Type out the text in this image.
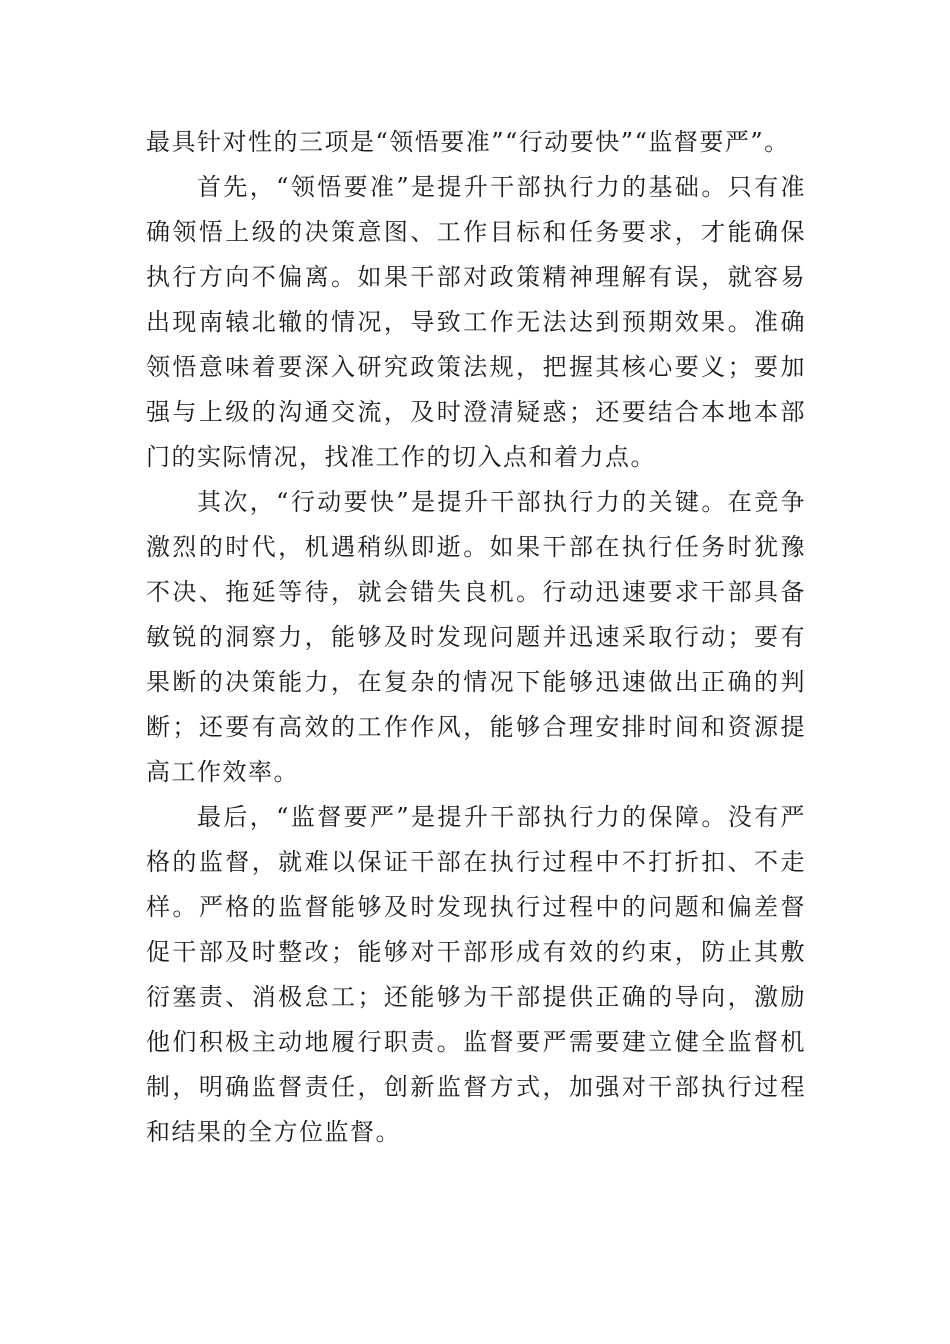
最具针对性的三项是“领悟要准”“行动要快”“监督要严”。

首先，“领悟要准”是提升干部执行力的基础。只有准确领悟上级的决策意图、工作目标和任务要求，才能确保执行方向不偏离。如果干部对政策精神理解有误，就容易出现南辕北辙的情况，导致工作无法达到预期效果。准确领悟意味着要深入研究政策法规，把握其核心要义；要加强与上级的沟通交流，及时澄清疑惑；还要结合本地本部门的实际情况，找准工作的切入点和着力点。

其次，“行动要快”是提升干部执行力的关键。在竞争激烈的时代，机遇稍纵即逝。如果干部在执行任务时犹豫不决、拖延等待，就会错失良机。行动迅速要求干部具备敏锐的洞察力，能够及时发现问题并迅速采取行动；要有果断的决策能力，在复杂的情况下能够迅速做出正确的判断；还要有高效的工作作风，能够合理安排时间和资源提高工作效率。

最后，“监督要严”是提升干部执行力的保障。没有严格的监督，就难以保证干部在执行过程中不打折扣、不走样。严格的监督能够及时发现执行过程中的问题和偏差督促干部及时整改；能够对干部形成有效的约束，防止其敷衍塞责、消极怠工；还能够为干部提供正确的导向，激励他们积极主动地履行职责。监督要严需要建立健全监督机制，明确监督责任，创新监督方式，加强对干部执行过程和结果的全方位监督。
